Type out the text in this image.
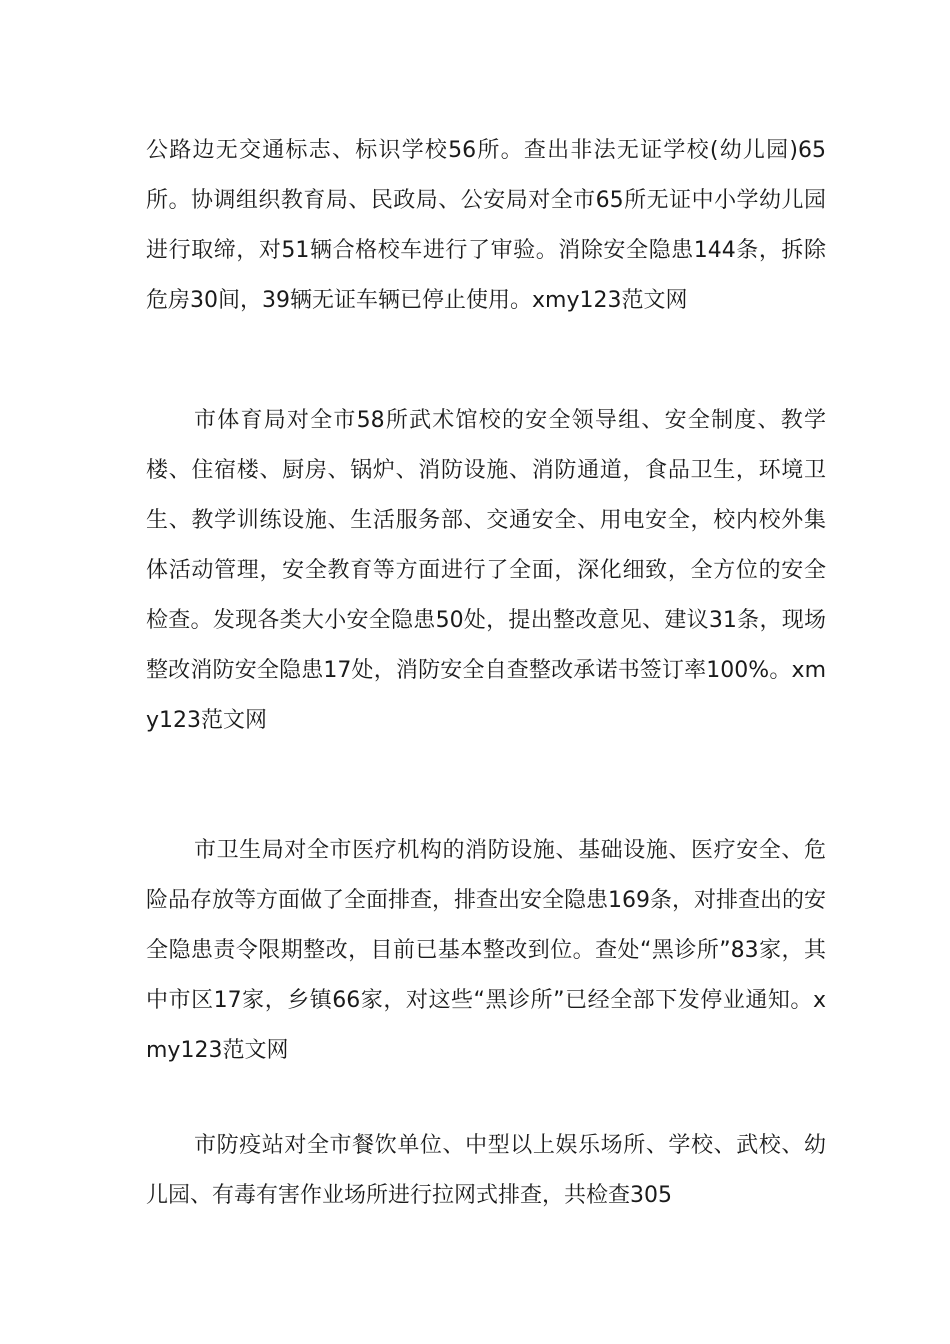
公路边无交通标志、标识学校56所。查出非法无证学校(幼儿园)65所。协调组织教育局、民政局、公安局对全市65所无证中小学幼儿园进行取缔，对51辆合格校车进行了审验。消除安全隐患144条，拆除危房30间，39辆无证车辆已停止使用。xmy123范文网

市体育局对全市58所武术馆校的安全领导组、安全制度、教学楼、住宿楼、厨房、锅炉、消防设施、消防通道，食品卫生，环境卫生、教学训练设施、生活服务部、交通安全、用电安全，校内校外集体活动管理，安全教育等方面进行了全面，深化细致，全方位的安全检查。发现各类大小安全隐患50处，提出整改意见、建议31条，现场整改消防安全隐患17处，消防安全自查整改承诺书签订率100%。xmy123范文网

市卫生局对全市医疗机构的消防设施、基础设施、医疗安全、危险品存放等方面做了全面排查，排查出安全隐患169条，对排查出的安全隐患责令限期整改，目前已基本整改到位。查处“黑诊所”83家，其中市区17家，乡镇66家，对这些“黑诊所”已经全部下发停业通知。xmy123范文网

市防疫站对全市餐饮单位、中型以上娱乐场所、学校、武校、幼儿园、有毒有害作业场所进行拉网式排查，共检查305
